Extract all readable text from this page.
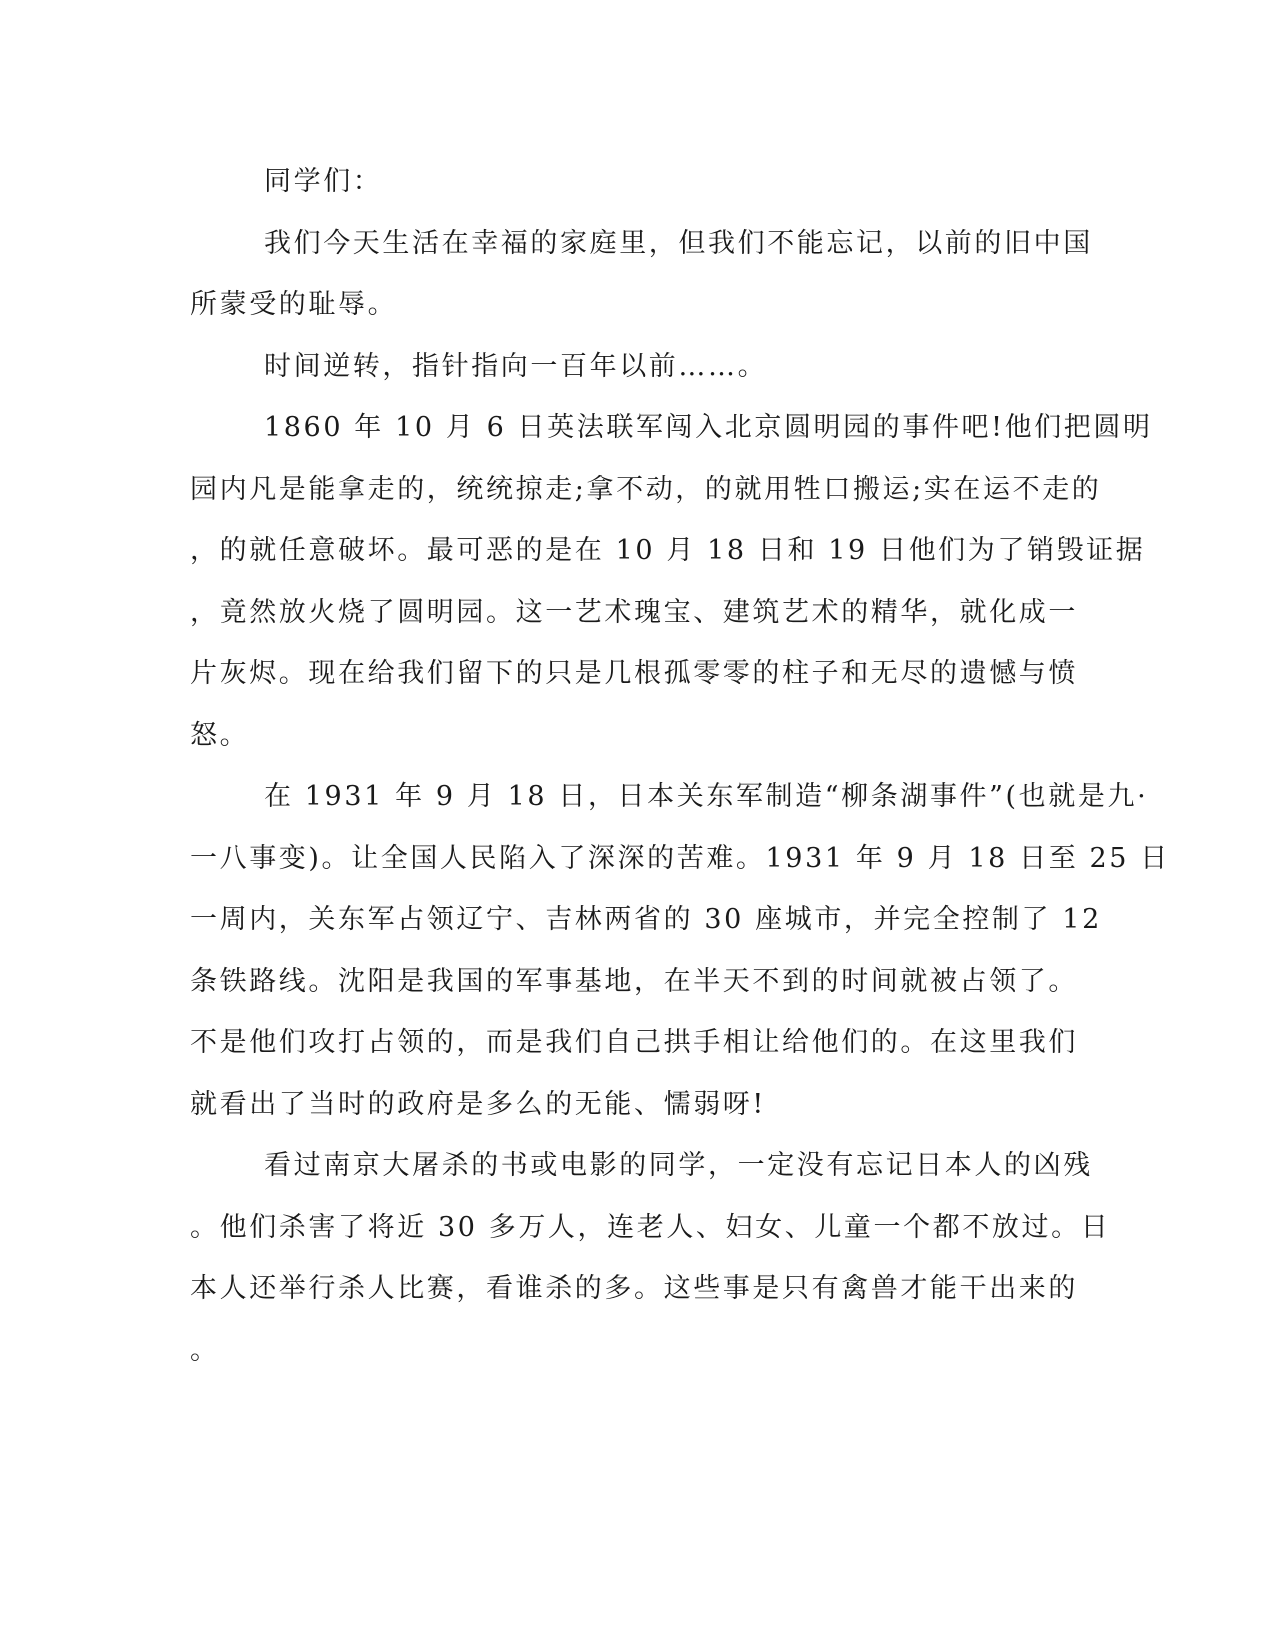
同学们：
我们今天生活在幸福的家庭里，但我们不能忘记，以前的旧中国
所蒙受的耻辱。
时间逆转，指针指向一百年以前……。
1860 年 10 月 6 日英法联军闯入北京圆明园的事件吧!他们把圆明
园内凡是能拿走的，统统掠走;拿不动，的就用牲口搬运;实在运不走的
，的就任意破坏。最可恶的是在 10 月 18 日和 19 日他们为了销毁证据
，竟然放火烧了圆明园。这一艺术瑰宝、建筑艺术的精华，就化成一
片灰烬。现在给我们留下的只是几根孤零零的柱子和无尽的遗憾与愤
怒。
在 1931 年 9 月 18 日，日本关东军制造“柳条湖事件”(也就是九·
一八事变)。让全国人民陷入了深深的苦难。1931 年 9 月 18 日至 25 日
一周内，关东军占领辽宁、吉林两省的 30 座城市，并完全控制了 12
条铁路线。沈阳是我国的军事基地，在半天不到的时间就被占领了。
不是他们攻打占领的，而是我们自己拱手相让给他们的。在这里我们
就看出了当时的政府是多么的无能、懦弱呀!
看过南京大屠杀的书或电影的同学，一定没有忘记日本人的凶残
。他们杀害了将近 30 多万人，连老人、妇女、儿童一个都不放过。日
本人还举行杀人比赛，看谁杀的多。这些事是只有禽兽才能干出来的
。
